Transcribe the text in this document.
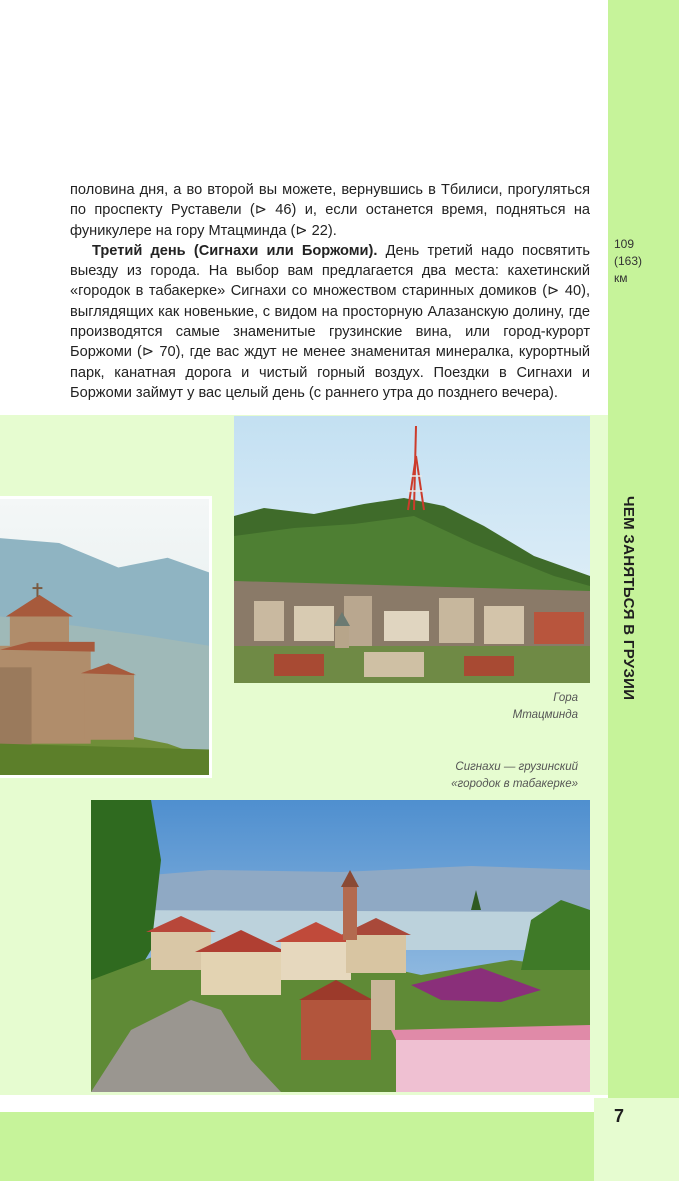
109
(163)
км
ЧЕМ ЗАНЯТЬСЯ В ГРУЗИИ

половина дня, а во второй вы можете, вернувшись в Тбилиси, прогуляться по проспекту Руставели (⊳ 46) и, если останется время, подняться на фуникулере на гору Мтацминда (⊳ 22).

Третий день (Сигнахи или Боржоми). День третий надо посвятить выезду из города. На выбор вам предлагается два места: кахетинский «городок в табакерке» Сигнахи со множеством старинных домиков (⊳ 40), выглядящих как новенькие, с видом на просторную Алазанскую долину, где производятся самые знаменитые грузинские вина, или город-курорт Боржоми (⊳ 70), где вас ждут не менее знаменитая минералка, курортный парк, канатная дорога и чистый горный воздух. Поездки в Сигнахи и Боржоми займут у вас целый день (с раннего утра до позднего вечера).

Гора
Мтацминда
Сигнахи — грузинский
«городок в табакерке»
7
